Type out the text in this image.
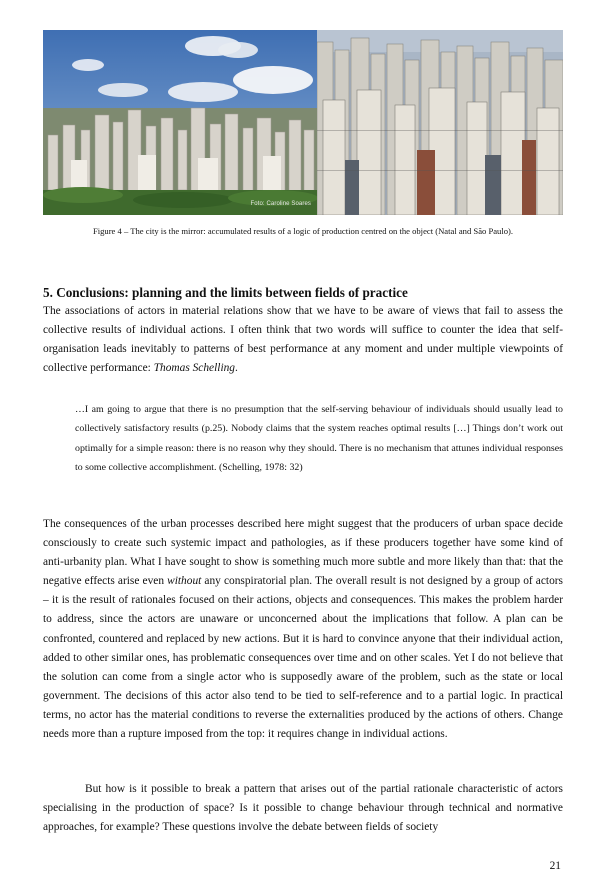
Foto: Caroline Soares
Figure 4 – The city is the mirror: accumulated results of a logic of production centred on the object (Natal and São Paulo).
5. Conclusions: planning and the limits between fields of practice

The associations of actors in material relations show that we have to be aware of views that fail to assess the collective results of individual actions. I often think that two words will suffice to counter the idea that self-organisation leads inevitably to patterns of best performance at any moment and under multiple viewpoints of collective performance: Thomas Schelling.

…I am going to argue that there is no presumption that the self-serving behaviour of individuals should usually lead to collectively satisfactory results (p.25). Nobody claims that the system reaches optimal results […] Things don’t work out optimally for a simple reason: there is no reason why they should. There is no mechanism that attunes individual responses to some collective accomplishment. (Schelling, 1978: 32)

The consequences of the urban processes described here might suggest that the producers of urban space decide consciously to create such systemic impact and pathologies, as if these producers together have some kind of anti-urbanity plan. What I have sought to show is something much more subtle and more likely than that: that the negative effects arise even without any conspiratorial plan. The overall result is not designed by a group of actors – it is the result of rationales focused on their actions, objects and consequences. This makes the problem harder to address, since the actors are unaware or unconcerned about the implications that follow. A plan can be confronted, countered and replaced by new actions. But it is hard to convince anyone that their individual action, added to other similar ones, has problematic consequences over time and on other scales. Yet I do not believe that the solution can come from a single actor who is supposedly aware of the problem, such as the state or local government. The decisions of this actor also tend to be tied to self-reference and to a partial logic. In practical terms, no actor has the material conditions to reverse the externalities produced by the actions of others. Change needs more than a rupture imposed from the top: it requires change in individual actions.

But how is it possible to break a pattern that arises out of the partial rationale characteristic of actors specialising in the production of space? Is it possible to change behaviour through technical and normative approaches, for example? These questions involve the debate between fields of society

21
